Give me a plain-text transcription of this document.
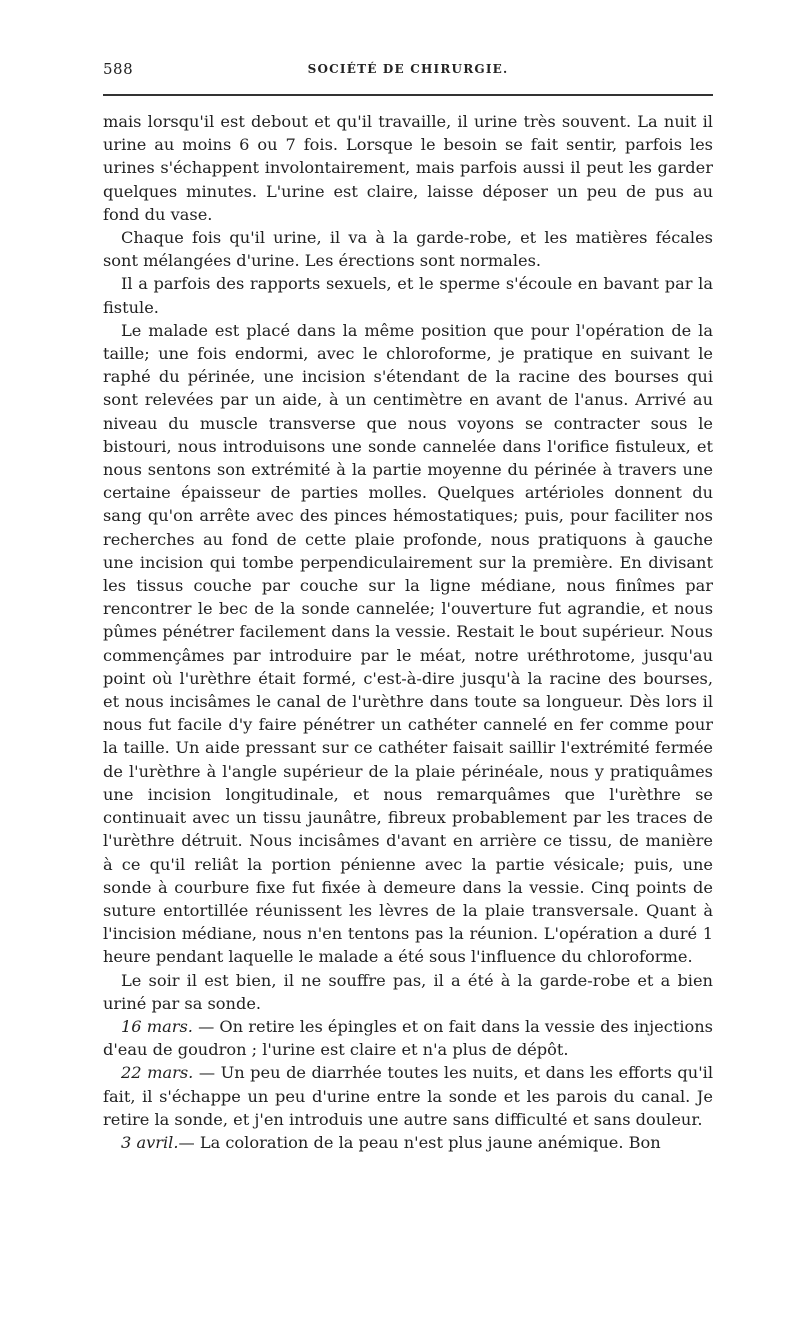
588	SOCIÉTÉ DE CHIRURGIE.

mais lorsqu'il est debout et qu'il travaille, il urine très souvent. La nuit il urine au moins 6 ou 7 fois. Lorsque le besoin se fait sentir, parfois les urines s'échappent involontairement, mais parfois aussi il peut les garder quelques minutes. L'urine est claire, laisse déposer un peu de pus au fond du vase.

Chaque fois qu'il urine, il va à la garde-robe, et les matières fécales sont mélangées d'urine. Les érections sont normales.

Il a parfois des rapports sexuels, et le sperme s'écoule en bavant par la fistule.

Le malade est placé dans la même position que pour l'opération de la taille; une fois endormi, avec le chloroforme, je pratique en suivant le raphé du périnée, une incision s'étendant de la racine des bourses qui sont relevées par un aide, à un centimètre en avant de l'anus. Arrivé au niveau du muscle transverse que nous voyons se contracter sous le bistouri, nous introduisons une sonde cannelée dans l'orifice fistuleux, et nous sentons son extrémité à la partie moyenne du périnée à travers une certaine épaisseur de parties molles. Quelques artérioles donnent du sang qu'on arrête avec des pinces hémostatiques; puis, pour faciliter nos recherches au fond de cette plaie profonde, nous pratiquons à gauche une incision qui tombe perpendiculairement sur la première. En divisant les tissus couche par couche sur la ligne médiane, nous finîmes par rencontrer le bec de la sonde cannelée; l'ouverture fut agrandie, et nous pûmes pénétrer facilement dans la vessie. Restait le bout supérieur. Nous commençâmes par introduire par le méat, notre uréthrotome, jusqu'au point où l'urèthre était formé, c'est-à-dire jusqu'à la racine des bourses, et nous incisâmes le canal de l'urèthre dans toute sa longueur. Dès lors il nous fut facile d'y faire pénétrer un cathéter cannelé en fer comme pour la taille. Un aide pressant sur ce cathéter faisait saillir l'extrémité fermée de l'urèthre à l'angle supérieur de la plaie périnéale, nous y pratiquâmes une incision longitudinale, et nous remarquâmes que l'urèthre se continuait avec un tissu jaunâtre, fibreux probablement par les traces de l'urèthre détruit. Nous incisâmes d'avant en arrière ce tissu, de manière à ce qu'il reliât la portion pénienne avec la partie vésicale; puis, une sonde à courbure fixe fut fixée à demeure dans la vessie. Cinq points de suture entortillée réunissent les lèvres de la plaie transversale. Quant à l'incision médiane, nous n'en tentons pas la réunion. L'opération a duré 1 heure pendant laquelle le malade a été sous l'influence du chloroforme.

Le soir il est bien, il ne souffre pas, il a été à la garde-robe et a bien uriné par sa sonde.

16 mars. — On retire les épingles et on fait dans la vessie des injections d'eau de goudron ; l'urine est claire et n'a plus de dépôt.

22 mars. — Un peu de diarrhée toutes les nuits, et dans les efforts qu'il fait, il s'échappe un peu d'urine entre la sonde et les parois du canal. Je retire la sonde, et j'en introduis une autre sans difficulté et sans douleur.

3 avril.— La coloration de la peau n'est plus jaune anémique. Bon
